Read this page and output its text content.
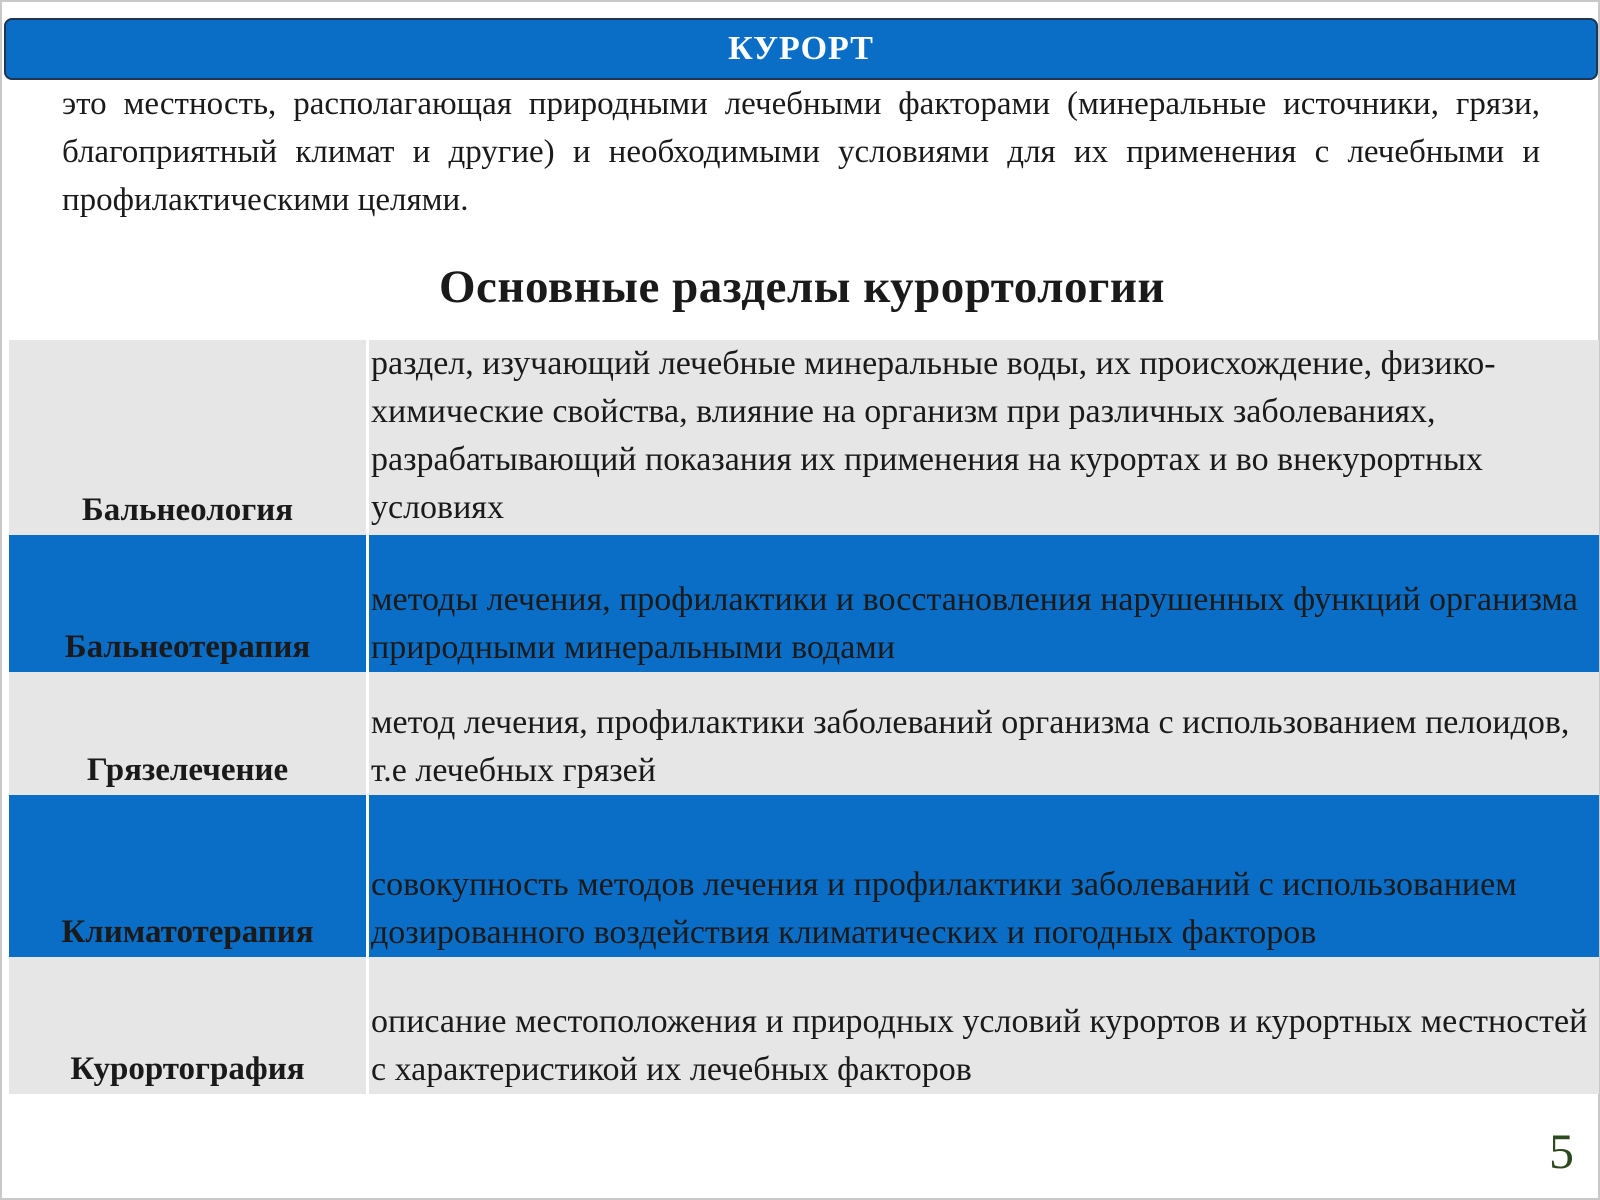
КУРОРТ

это местность, располагающая природными лечебными факторами (минеральные источники, грязи, благоприятный климат и другие) и необходимыми условиями для их применения с лечебными и профилактическими целями.

Основные разделы курортологии
Бальнеология
раздел, изучающий лечебные минеральные воды, их происхождение, физико-химические свойства, влияние на организм при различных заболеваниях, разрабатывающий показания их применения на курортах и во внекурортных условиях
Бальнеотерапия
методы лечения, профилактики и восстановления нарушенных функций организма природными минеральными водами
Грязелечение
метод лечения, профилактики заболеваний организма с использованием пелоидов, т.е лечебных грязей
Климатотерапия
совокупность методов лечения и профилактики заболеваний с использованием дозированного воздействия климатических и погодных факторов
Курортография
описание местоположения и природных условий курортов и курортных местностей с характеристикой их лечебных факторов
5
